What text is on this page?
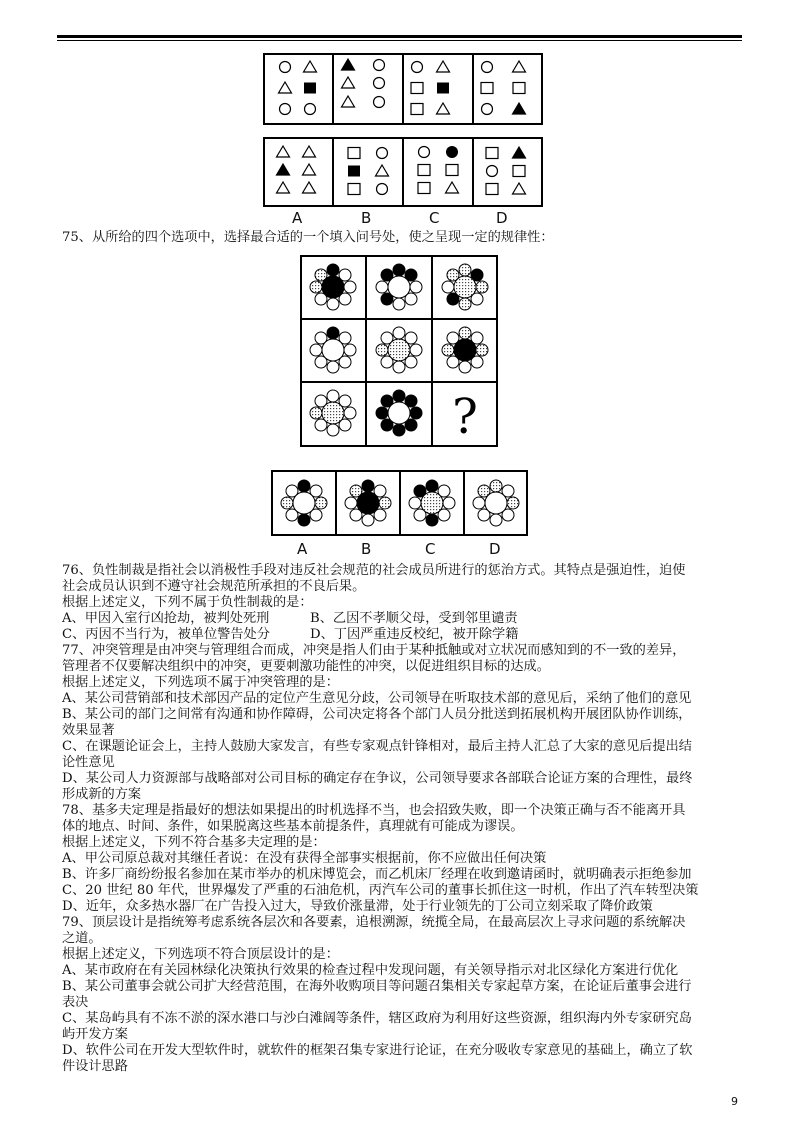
A	B	C	D
75、从所给的四个选项中，选择最合适的一个填入问号处，使之呈现一定的规律性：
?
A	B	C	D
76、负性制裁是指社会以消极性手段对违反社会规范的社会成员所进行的惩治方式。其特点是强迫性，迫使
社会成员认识到不遵守社会规范所承担的不良后果。
根据上述定义，下列不属于负性制裁的是：
A、甲因入室行凶抢劫，被判处死刑	B、乙因不孝顺父母，受到邻里谴责
C、丙因不当行为，被单位警告处分	D、丁因严重违反校纪，被开除学籍
77、冲突管理是由冲突与管理组合而成，冲突是指人们由于某种抵触或对立状况而感知到的不一致的差异，
管理者不仅要解决组织中的冲突，更要刺激功能性的冲突，以促进组织目标的达成。
根据上述定义，下列选项不属于冲突管理的是：
A、某公司营销部和技术部因产品的定位产生意见分歧，公司领导在听取技术部的意见后，采纳了他们的意见
B、某公司的部门之间常有沟通和协作障碍，公司决定将各个部门人员分批送到拓展机构开展团队协作训练，
效果显著
C、在课题论证会上，主持人鼓励大家发言，有些专家观点针锋相对，最后主持人汇总了大家的意见后提出结
论性意见
D、某公司人力资源部与战略部对公司目标的确定存在争议，公司领导要求各部联合论证方案的合理性，最终
形成新的方案
78、基多夫定理是指最好的想法如果提出的时机选择不当，也会招致失败，即一个决策正确与否不能离开具
体的地点、时间、条件，如果脱离这些基本前提条件，真理就有可能成为谬误。
根据上述定义，下列不符合基多夫定理的是：
A、甲公司原总裁对其继任者说：在没有获得全部事实根据前，你不应做出任何决策
B、许多厂商纷纷报名参加在某市举办的机床博览会，而乙机床厂经理在收到邀请函时，就明确表示拒绝参加
C、20 世纪 80 年代，世界爆发了严重的石油危机，丙汽车公司的董事长抓住这一时机，作出了汽车转型决策
D、近年，众多热水器厂在广告投入过大，导致价涨量滞，处于行业领先的丁公司立刻采取了降价政策
79、顶层设计是指统筹考虑系统各层次和各要素，追根溯源，统揽全局，在最高层次上寻求问题的系统解决
之道。
根据上述定义，下列选项不符合顶层设计的是：
A、某市政府在有关园林绿化决策执行效果的检查过程中发现问题，有关领导指示对北区绿化方案进行优化
B、某公司董事会就公司扩大经营范围，在海外收购项目等问题召集相关专家起草方案，在论证后董事会进行
表决
C、某岛屿具有不冻不淤的深水港口与沙白滩阔等条件，辖区政府为利用好这些资源，组织海内外专家研究岛
屿开发方案
D、软件公司在开发大型软件时，就软件的框架召集专家进行论证，在充分吸收专家意见的基础上，确立了软
件设计思路
9
